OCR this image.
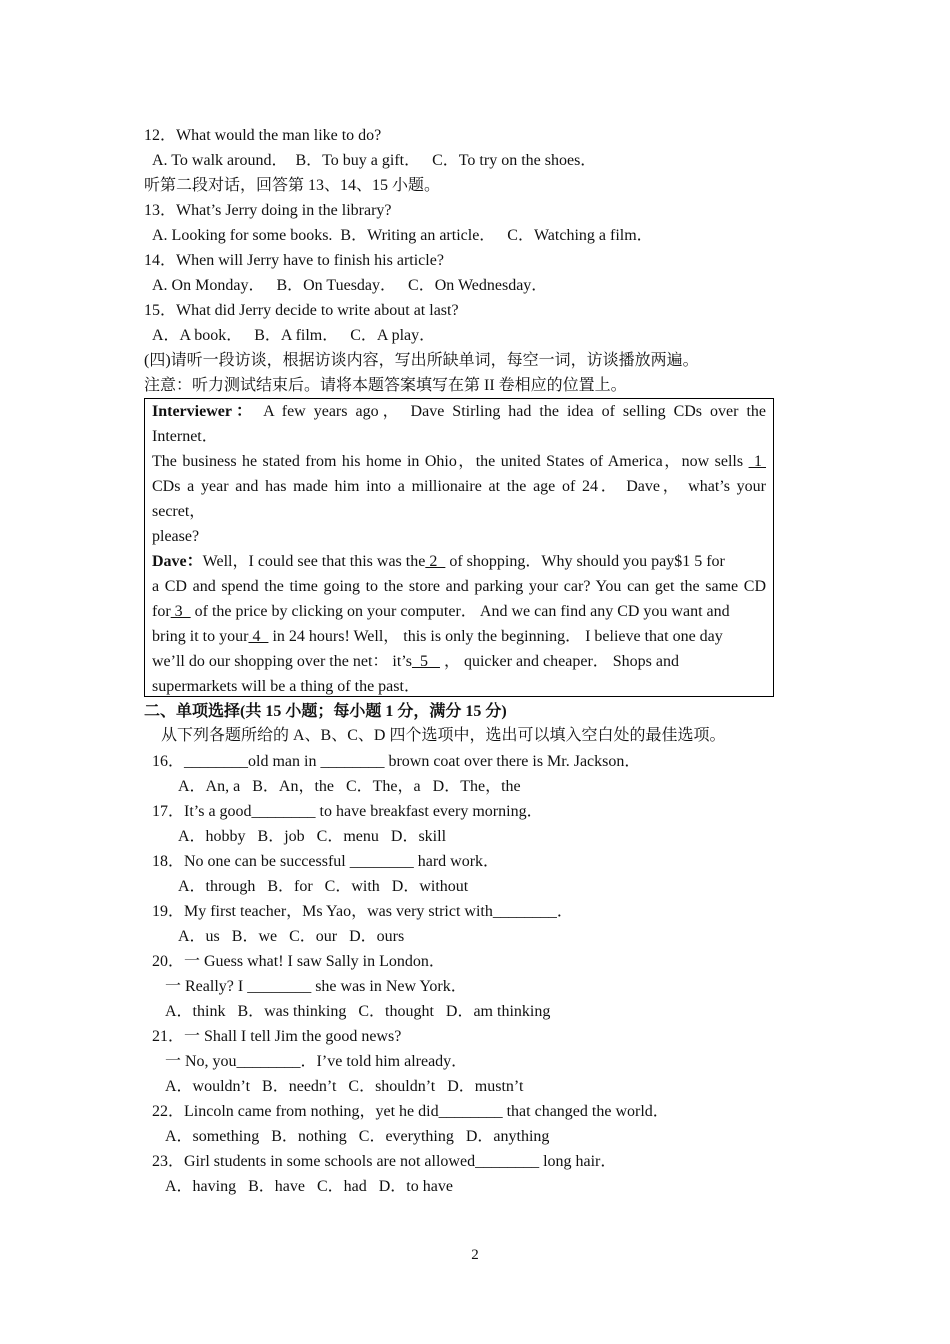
12．What would the man like to do?
A. To walk around．  B．To buy a gift．   C．To try on the shoes．
听第二段对话，回答第 13、14、15 小题。
13．What’s Jerry doing in the library?
A. Looking for some books.  B．Writing an article．   C．Watching a film．
14．When will Jerry have to finish his article?
A. On Monday．   B．On Tuesday．   C．On Wednesday．
15．What did Jerry decide to write about at last?
A．A book．   B．A film．   C．A play．
(四)请听一段访谈，根据访谈内容，写出所缺单词，每空一词，访谈播放两遍。
注意：听力测试结束后。请将本题答案填写在第 II 卷相应的位置上。
Interviewer： A few years ago， Dave Stirling had the idea of selling CDs over the
Internet．
The business he stated from his home in Ohio，the united States of America，now sells  1
CDs a year and has made him into a millionaire at the age of 24． Dave， what’s your
secret，
please?
Dave：Well，I could see that this was the 2   of shopping．Why should you pay$1 5 for
a CD and spend the time going to the store and parking your car? You can get the same CD
for 3   of the price by clicking on your computer． And we can find any CD you want and
bring it to your 4   in 24 hours! Well， this is only the beginning． I believe that one day
we’ll do our shopping over the net： it’s  5    ， quicker and cheaper． Shops and
supermarkets will be a thing of the past．
二、单项选择(共 15 小题；每小题 1 分，满分 15 分)
从下列各题所给的 A、B、C、D 四个选项中，选出可以填入空白处的最佳选项。
16．________old man in ________ brown coat over there is Mr. Jackson．
A．An, a   B．An，the   C．The，a   D．The，the
17．It’s a good________ to have breakfast every morning．
A．hobby   B．job   C．menu   D．skill
18．No one can be successful ________ hard work．
A．through   B．for   C．with   D．without
19．My first teacher，Ms Yao，was very strict with________．
A．us   B．we   C．our   D．ours
20．一 Guess what! I saw Sally in London．
一 Really? I ________ she was in New York．
A．think   B．was thinking   C．thought   D．am thinking
21．一 Shall I tell Jim the good news?
一 No, you________．I’ve told him already．
A．wouldn’t   B．needn’t   C．shouldn’t   D．mustn’t
22．Lincoln came from nothing，yet he did________ that changed the world．
A．something   B．nothing   C．everything   D．anything
23．Girl students in some schools are not allowed________ long hair．
A．having   B．have   C．had   D．to have
2
